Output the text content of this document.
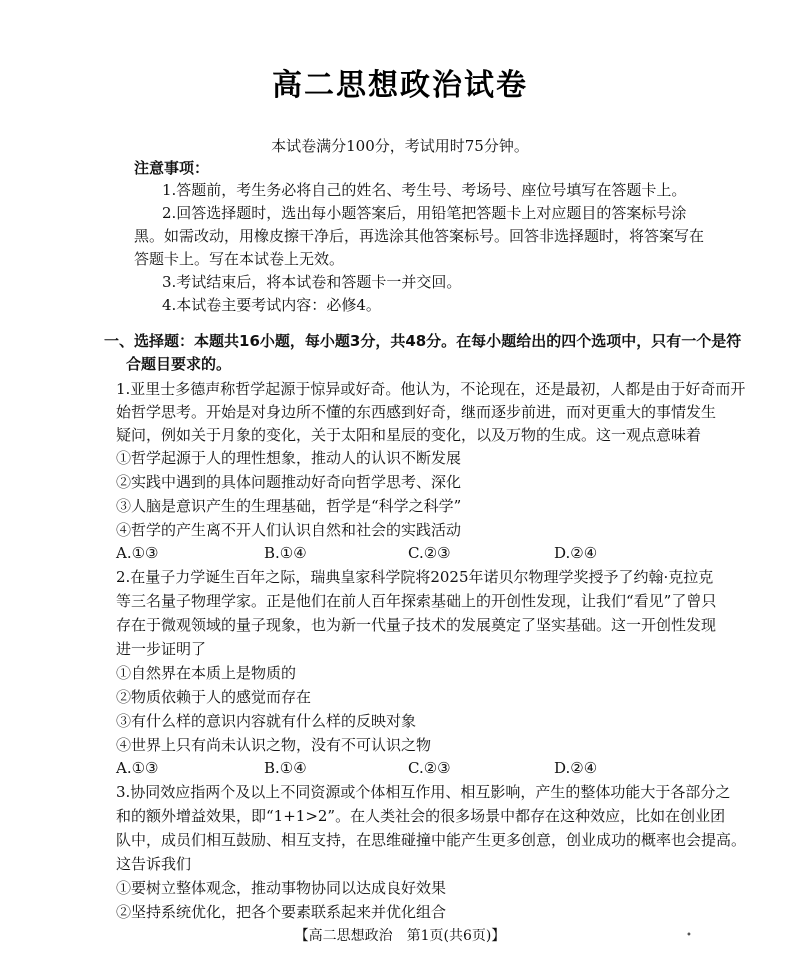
高二思想政治试卷
本试卷满分100分，考试用时75分钟。
注意事项：
1.答题前，考生务必将自己的姓名、考生号、考场号、座位号填写在答题卡上。
2.回答选择题时，选出每小题答案后，用铅笔把答题卡上对应题目的答案标号涂
黑。如需改动，用橡皮擦干净后，再选涂其他答案标号。回答非选择题时，将答案写在
答题卡上。写在本试卷上无效。
3.考试结束后，将本试卷和答题卡一并交回。
4.本试卷主要考试内容：必修4。
一、选择题：本题共16小题，每小题3分，共48分。在每小题给出的四个选项中，只有一个是符
合题目要求的。
1.亚里士多德声称哲学起源于惊异或好奇。他认为，不论现在，还是最初，人都是由于好奇而开
始哲学思考。开始是对身边所不懂的东西感到好奇，继而逐步前进，而对更重大的事情发生
疑问，例如关于月象的变化，关于太阳和星辰的变化，以及万物的生成。这一观点意味着
①哲学起源于人的理性想象，推动人的认识不断发展
②实践中遇到的具体问题推动好奇向哲学思考、深化
③人脑是意识产生的生理基础，哲学是“科学之科学”
④哲学的产生离不开人们认识自然和社会的实践活动
A.①③	B.①④	C.②③	D.②④
2.在量子力学诞生百年之际，瑞典皇家科学院将2025年诺贝尔物理学奖授予了约翰·克拉克
等三名量子物理学家。正是他们在前人百年探索基础上的开创性发现，让我们“看见”了曾只
存在于微观领域的量子现象，也为新一代量子技术的发展奠定了坚实基础。这一开创性发现
进一步证明了
①自然界在本质上是物质的
②物质依赖于人的感觉而存在
③有什么样的意识内容就有什么样的反映对象
④世界上只有尚未认识之物，没有不可认识之物
A.①③	B.①④	C.②③	D.②④
3.协同效应指两个及以上不同资源或个体相互作用、相互影响，产生的整体功能大于各部分之
和的额外增益效果，即“1+1>2”。在人类社会的很多场景中都存在这种效应，比如在创业团
队中，成员们相互鼓励、相互支持，在思维碰撞中能产生更多创意，创业成功的概率也会提高。
这告诉我们
①要树立整体观念，推动事物协同以达成良好效果
②坚持系统优化，把各个要素联系起来并优化组合
【高二思想政治　第1页(共6页)】	•
